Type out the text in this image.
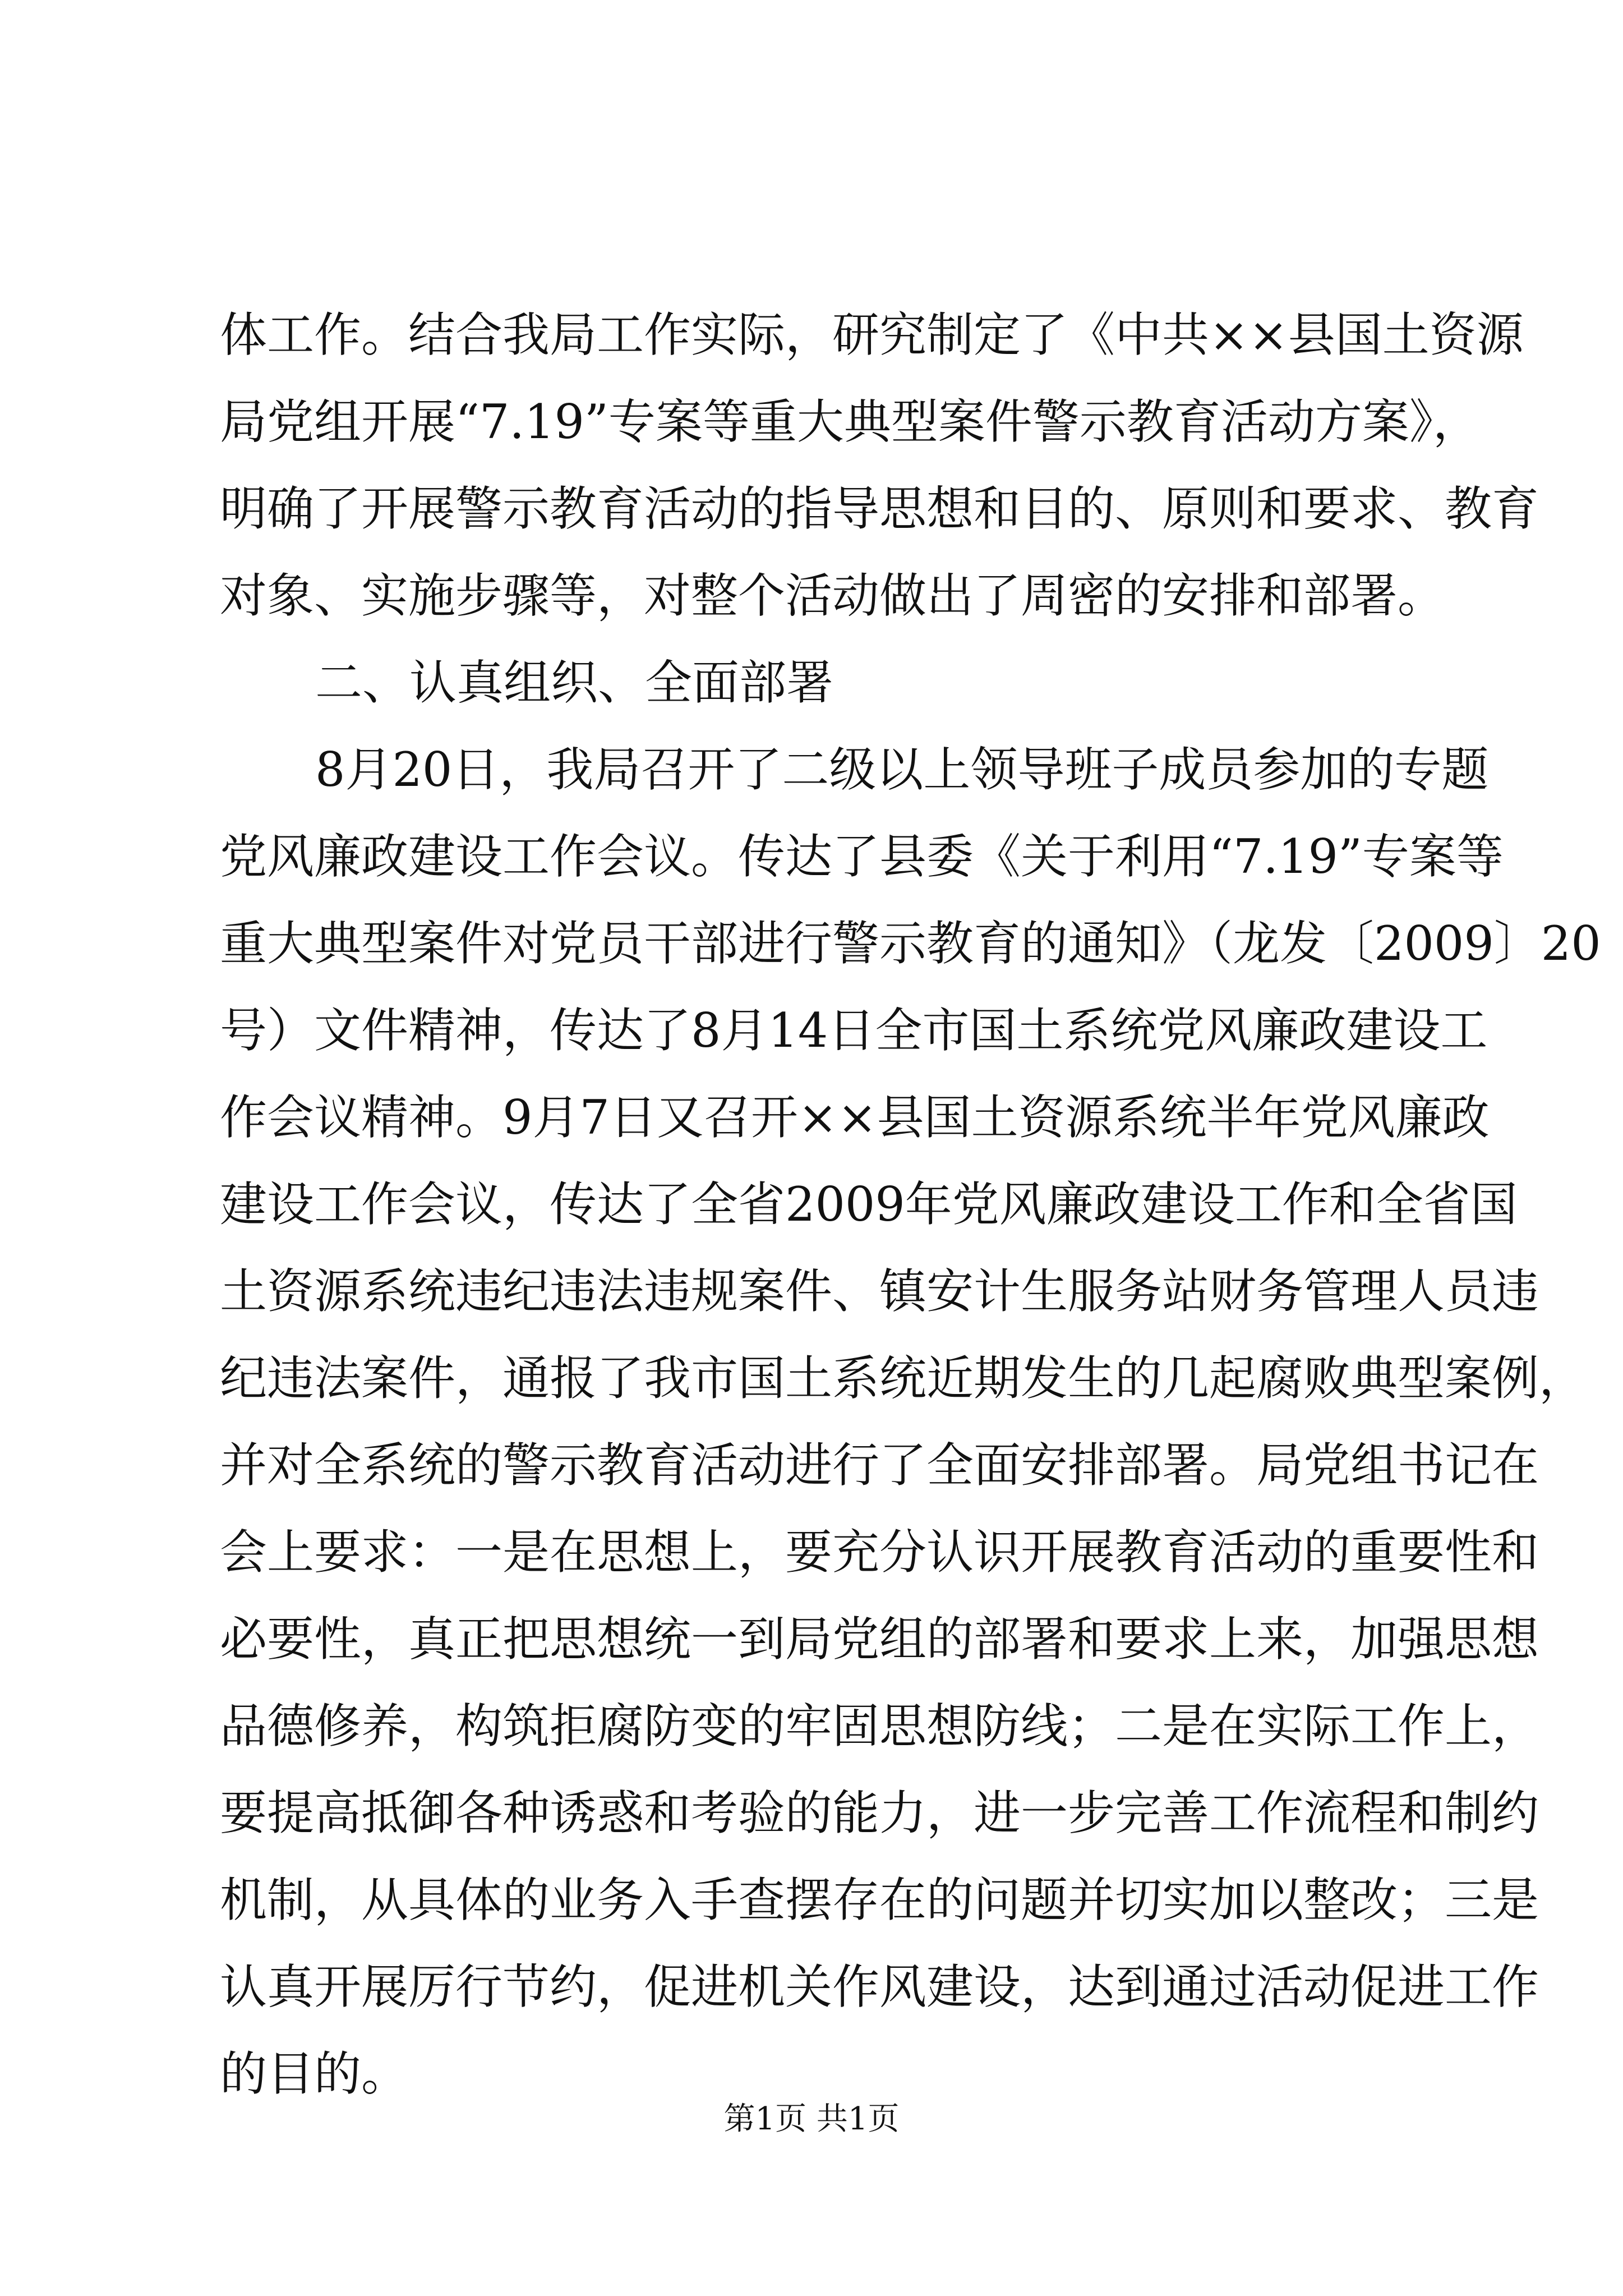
体工作。结合我局工作实际，研究制定了《中共××县国土资源
局党组开展“7.19”专案等重大典型案件警示教育活动方案》，
明确了开展警示教育活动的指导思想和目的、原则和要求、教育
对象、实施步骤等，对整个活动做出了周密的安排和部署。
二、认真组织、全面部署
8月20日，我局召开了二级以上领导班子成员参加的专题
党风廉政建设工作会议。传达了县委《关于利用“7.19”专案等
重大典型案件对党员干部进行警示教育的通知》（龙发〔2009〕20
号）文件精神，传达了8月14日全市国土系统党风廉政建设工
作会议精神。9月7日又召开××县国土资源系统半年党风廉政
建设工作会议，传达了全省2009年党风廉政建设工作和全省国
土资源系统违纪违法违规案件、镇安计生服务站财务管理人员违
纪违法案件，通报了我市国土系统近期发生的几起腐败典型案例，
并对全系统的警示教育活动进行了全面安排部署。局党组书记在
会上要求：一是在思想上，要充分认识开展教育活动的重要性和
必要性，真正把思想统一到局党组的部署和要求上来，加强思想
品德修养，构筑拒腐防变的牢固思想防线；二是在实际工作上，
要提高抵御各种诱惑和考验的能力，进一步完善工作流程和制约
机制，从具体的业务入手查摆存在的问题并切实加以整改；三是
认真开展厉行节约，促进机关作风建设，达到通过活动促进工作
的目的。
第1页 共1页
